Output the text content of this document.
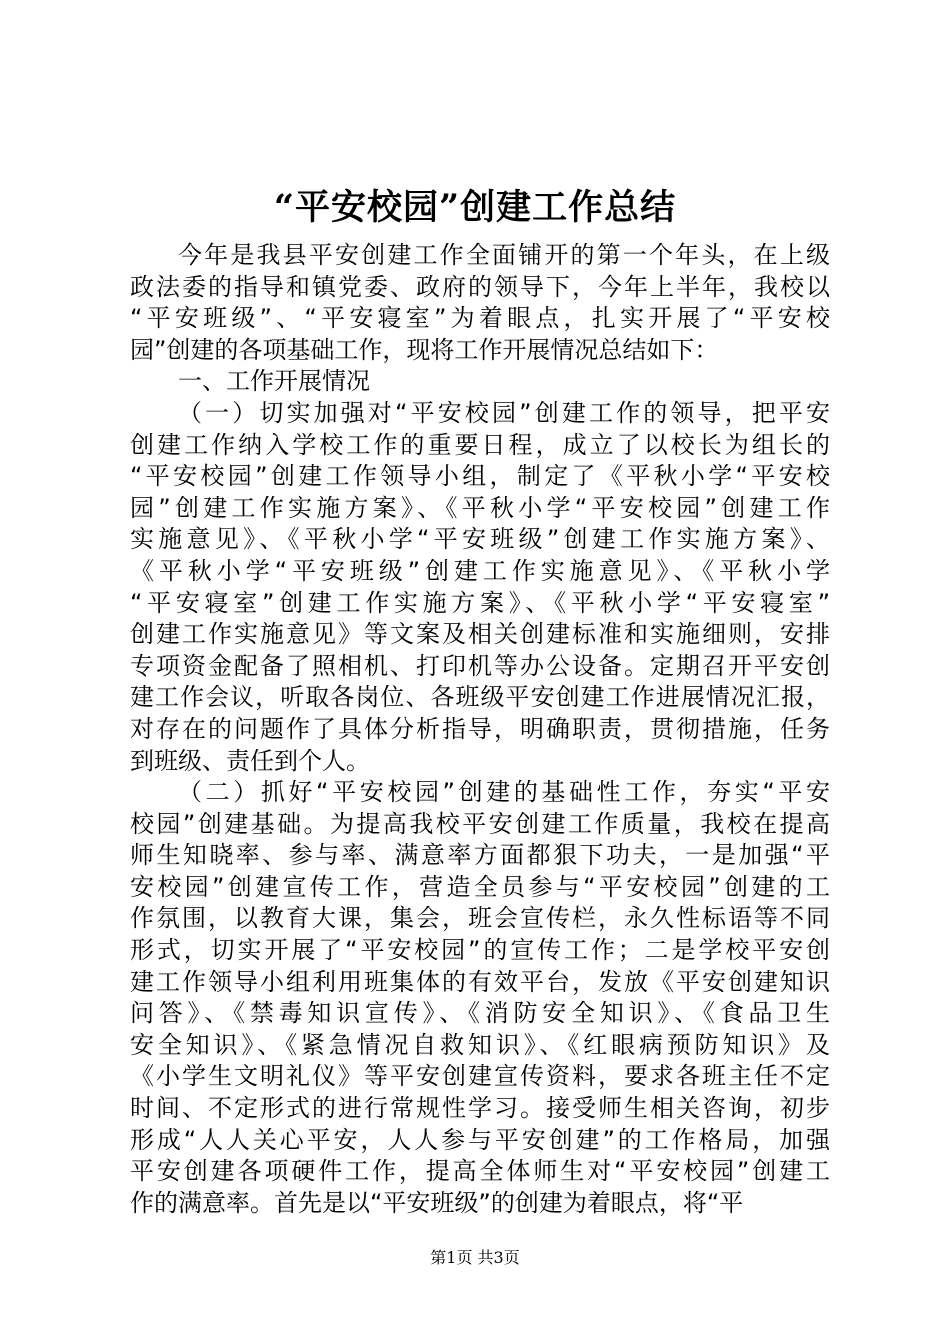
“平安校园”创建工作总结
今年是我县平安创建工作全面铺开的第一个年头，在上级
政法委的指导和镇党委、政府的领导下，今年上半年，我校以
“平安班级”、“平安寝室”为着眼点，扎实开展了“平安校
园”创建的各项基础工作，现将工作开展情况总结如下：
一、工作开展情况
（一）切实加强对“平安校园”创建工作的领导，把平安
创建工作纳入学校工作的重要日程，成立了以校长为组长的
“平安校园”创建工作领导小组，制定了《平秋小学“平安校
园”创建工作实施方案》、《平秋小学“平安校园”创建工作
实施意见》、《平秋小学“平安班级”创建工作实施方案》、
《平秋小学“平安班级”创建工作实施意见》、《平秋小学
“平安寝室”创建工作实施方案》、《平秋小学“平安寝室”
创建工作实施意见》等文案及相关创建标准和实施细则，安排
专项资金配备了照相机、打印机等办公设备。定期召开平安创
建工作会议，听取各岗位、各班级平安创建工作进展情况汇报，
对存在的问题作了具体分析指导，明确职责，贯彻措施，任务
到班级、责任到个人。
（二）抓好“平安校园”创建的基础性工作，夯实“平安
校园”创建基础。为提高我校平安创建工作质量，我校在提高
师生知晓率、参与率、满意率方面都狠下功夫，一是加强“平
安校园”创建宣传工作，营造全员参与“平安校园”创建的工
作氛围，以教育大课，集会，班会宣传栏，永久性标语等不同
形式，切实开展了“平安校园”的宣传工作；二是学校平安创
建工作领导小组利用班集体的有效平台，发放《平安创建知识
问答》、《禁毒知识宣传》、《消防安全知识》、《食品卫生
安全知识》、《紧急情况自救知识》、《红眼病预防知识》及
《小学生文明礼仪》等平安创建宣传资料，要求各班主任不定
时间、不定形式的进行常规性学习。接受师生相关咨询，初步
形成“人人关心平安，人人参与平安创建”的工作格局，加强
平安创建各项硬件工作，提高全体师生对“平安校园”创建工
作的满意率。首先是以“平安班级”的创建为着眼点，将“平
第1页 共3页
